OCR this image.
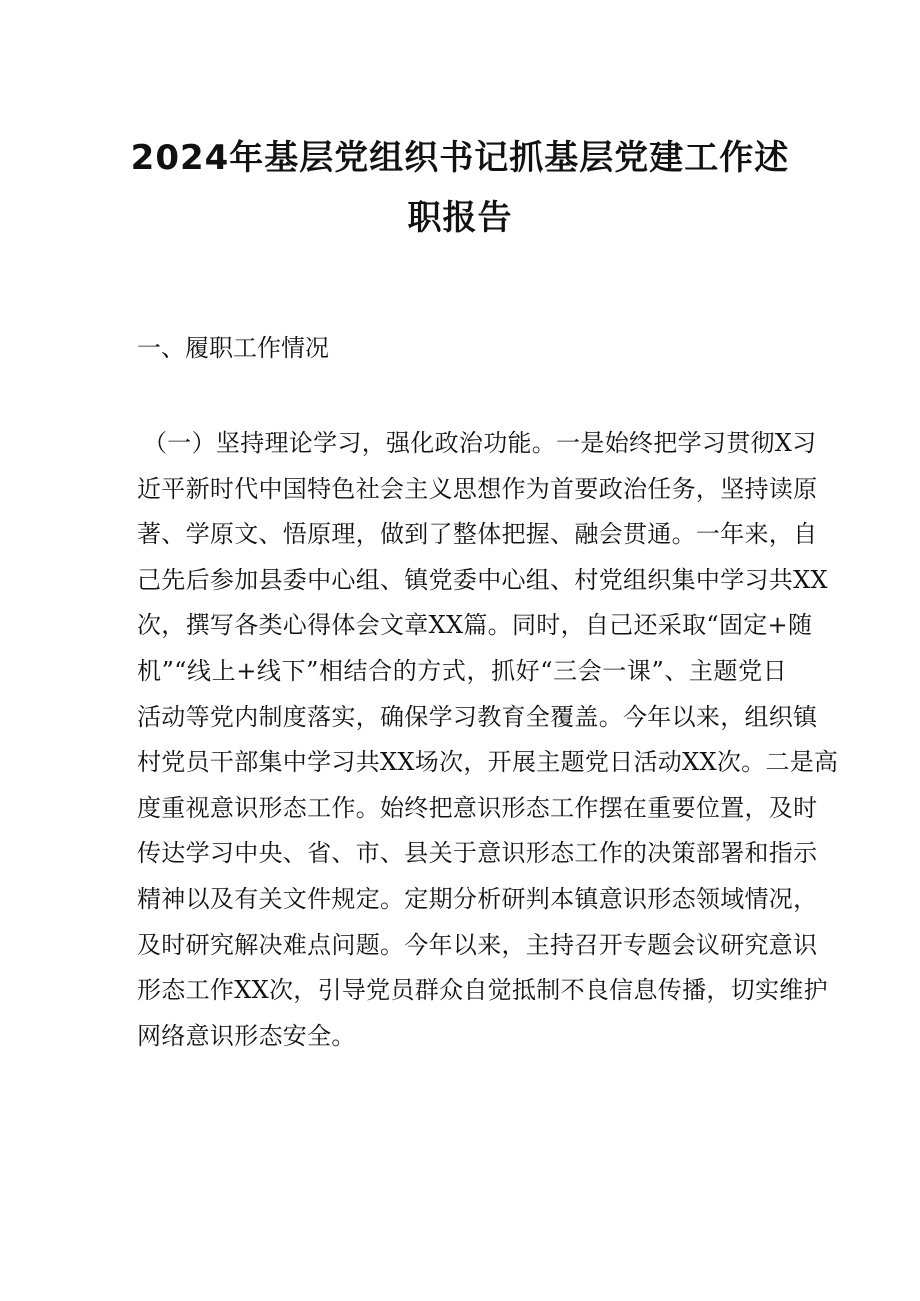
2024年基层党组织书记抓基层党建工作述
职报告
一、履职工作情况
（一）坚持理论学习，强化政治功能。一是始终把学习贯彻X习
近平新时代中国特色社会主义思想作为首要政治任务，坚持读原
著、学原文、悟原理，做到了整体把握、融会贯通。一年来，自
己先后参加县委中心组、镇党委中心组、村党组织集中学习共XX
次，撰写各类心得体会文章XX篇。同时，自己还采取“固定+随
机”“线上+线下”相结合的方式，抓好“三会一课”、主题党日
活动等党内制度落实，确保学习教育全覆盖。今年以来，组织镇
村党员干部集中学习共XX场次，开展主题党日活动XX次。二是高
度重视意识形态工作。始终把意识形态工作摆在重要位置，及时
传达学习中央、省、市、县关于意识形态工作的决策部署和指示
精神以及有关文件规定。定期分析研判本镇意识形态领域情况，
及时研究解决难点问题。今年以来，主持召开专题会议研究意识
形态工作XX次，引导党员群众自觉抵制不良信息传播，切实维护
网络意识形态安全。
